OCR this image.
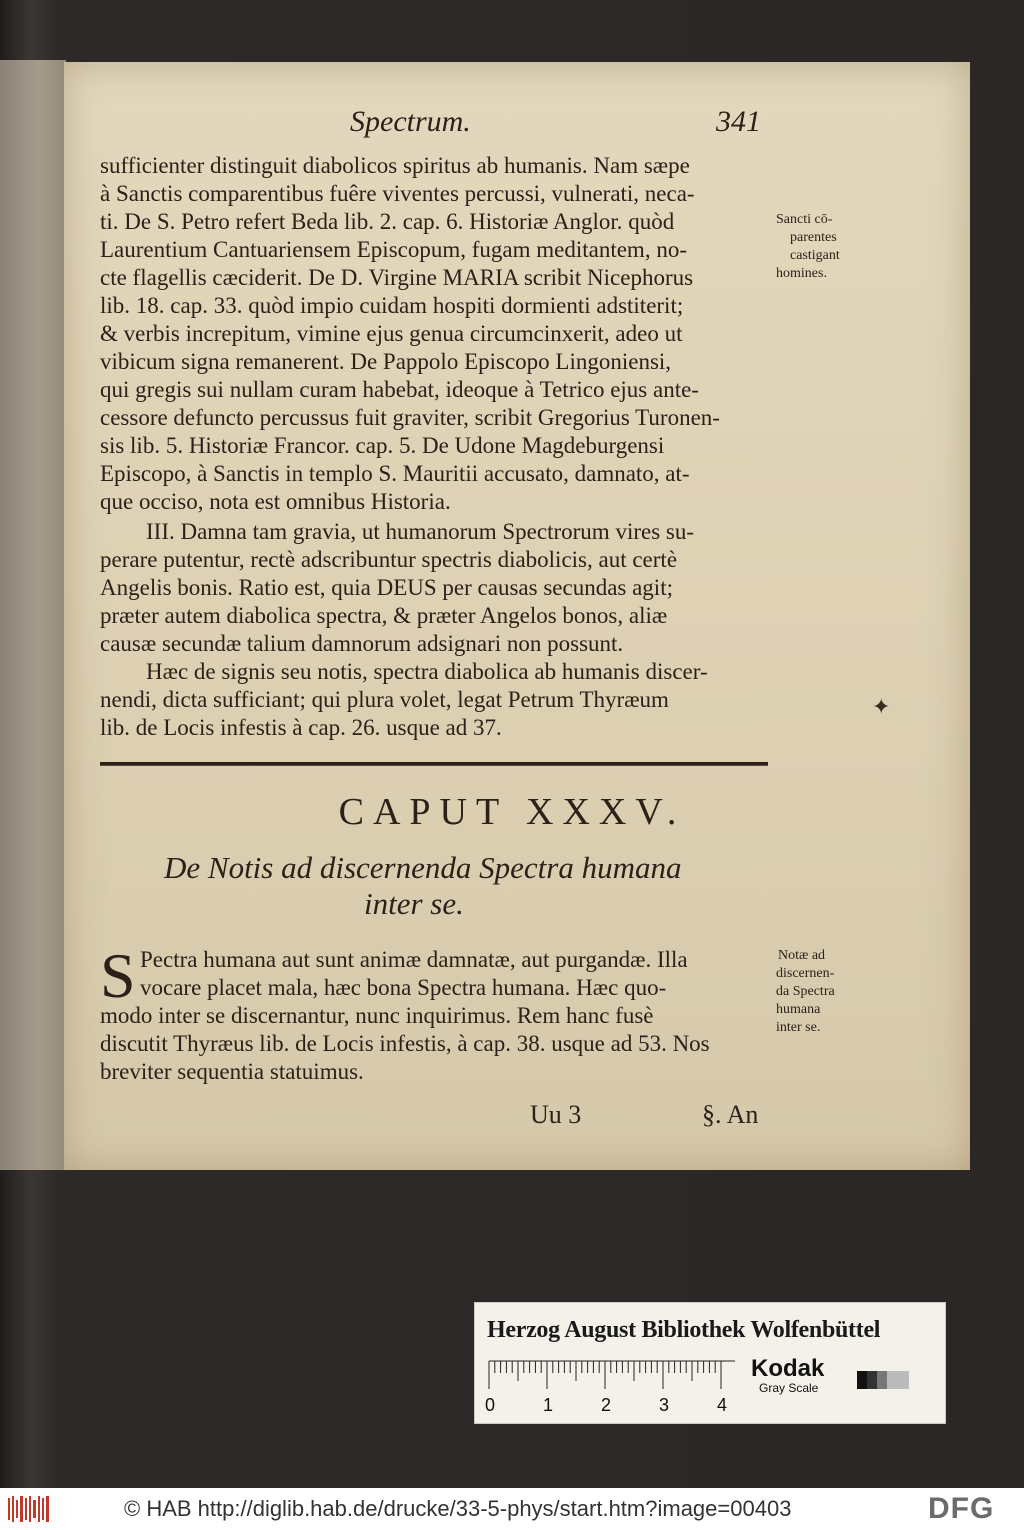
Spectrum.	341
sufficienter distinguit diabolicos spiritus ab humanis. Nam sæpe
à Sanctis comparentibus fuêre viventes percussi, vulnerati, neca-
ti. De S. Petro refert Beda lib. 2. cap. 6. Historiæ Anglor. quòd
Laurentium Cantuariensem Episcopum, fugam meditantem, no-
cte flagellis cæciderit. De D. Virgine MARIA scribit Nicephorus
lib. 18. cap. 33. quòd impio cuidam hospiti dormienti adstiterit;
& verbis increpitum, vimine ejus genua circumcinxerit, adeo ut
vibicum signa remanerent. De Pappolo Episcopo Lingoniensi,
qui gregis sui nullam curam habebat, ideoque à Tetrico ejus ante-
cessore defuncto percussus fuit graviter, scribit Gregorius Turonen-
sis lib. 5. Historiæ Francor. cap. 5. De Udone Magdeburgensi
Episcopo, à Sanctis in templo S. Mauritii accusato, damnato, at-
que occiso, nota est omnibus Historia.
Sancti cō-
parentes
castigant
homines.
III. Damna tam gravia, ut humanorum Spectrorum vires su-
perare putentur, rectè adscribuntur spectris diabolicis, aut certè
Angelis bonis. Ratio est, quia DEUS per causas secundas agit;
præter autem diabolica spectra, & præter Angelos bonos, aliæ
causæ secundæ talium damnorum adsignari non possunt.
Hæc de signis seu notis, spectra diabolica ab humanis discer-
nendi, dicta sufficiant; qui plura volet, legat Petrum Thyræum
lib. de Locis infestis à cap. 26. usque ad 37.
CAPUT XXXV.
De Notis ad discernenda Spectra humana
inter se.
S Pectra humana aut sunt animæ damnatæ, aut purgandæ. Illa
vocare placet mala, hæc bona Spectra humana. Hæc quo-
modo inter se discernantur, nunc inquirimus. Rem hanc fusè
discutit Thyræus lib. de Locis infestis, à cap. 38. usque ad 53. Nos
breviter sequentia statuimus.
Notæ ad
discernen-
da Spectra
humana
inter se.
Uu 3	§. An
✦
Herzog August Bibliothek Wolfenbüttel
0	1	2	3	4
Kodak
Gray Scale
© HAB http://diglib.hab.de/drucke/33-5-phys/start.htm?image=00403	DFG
